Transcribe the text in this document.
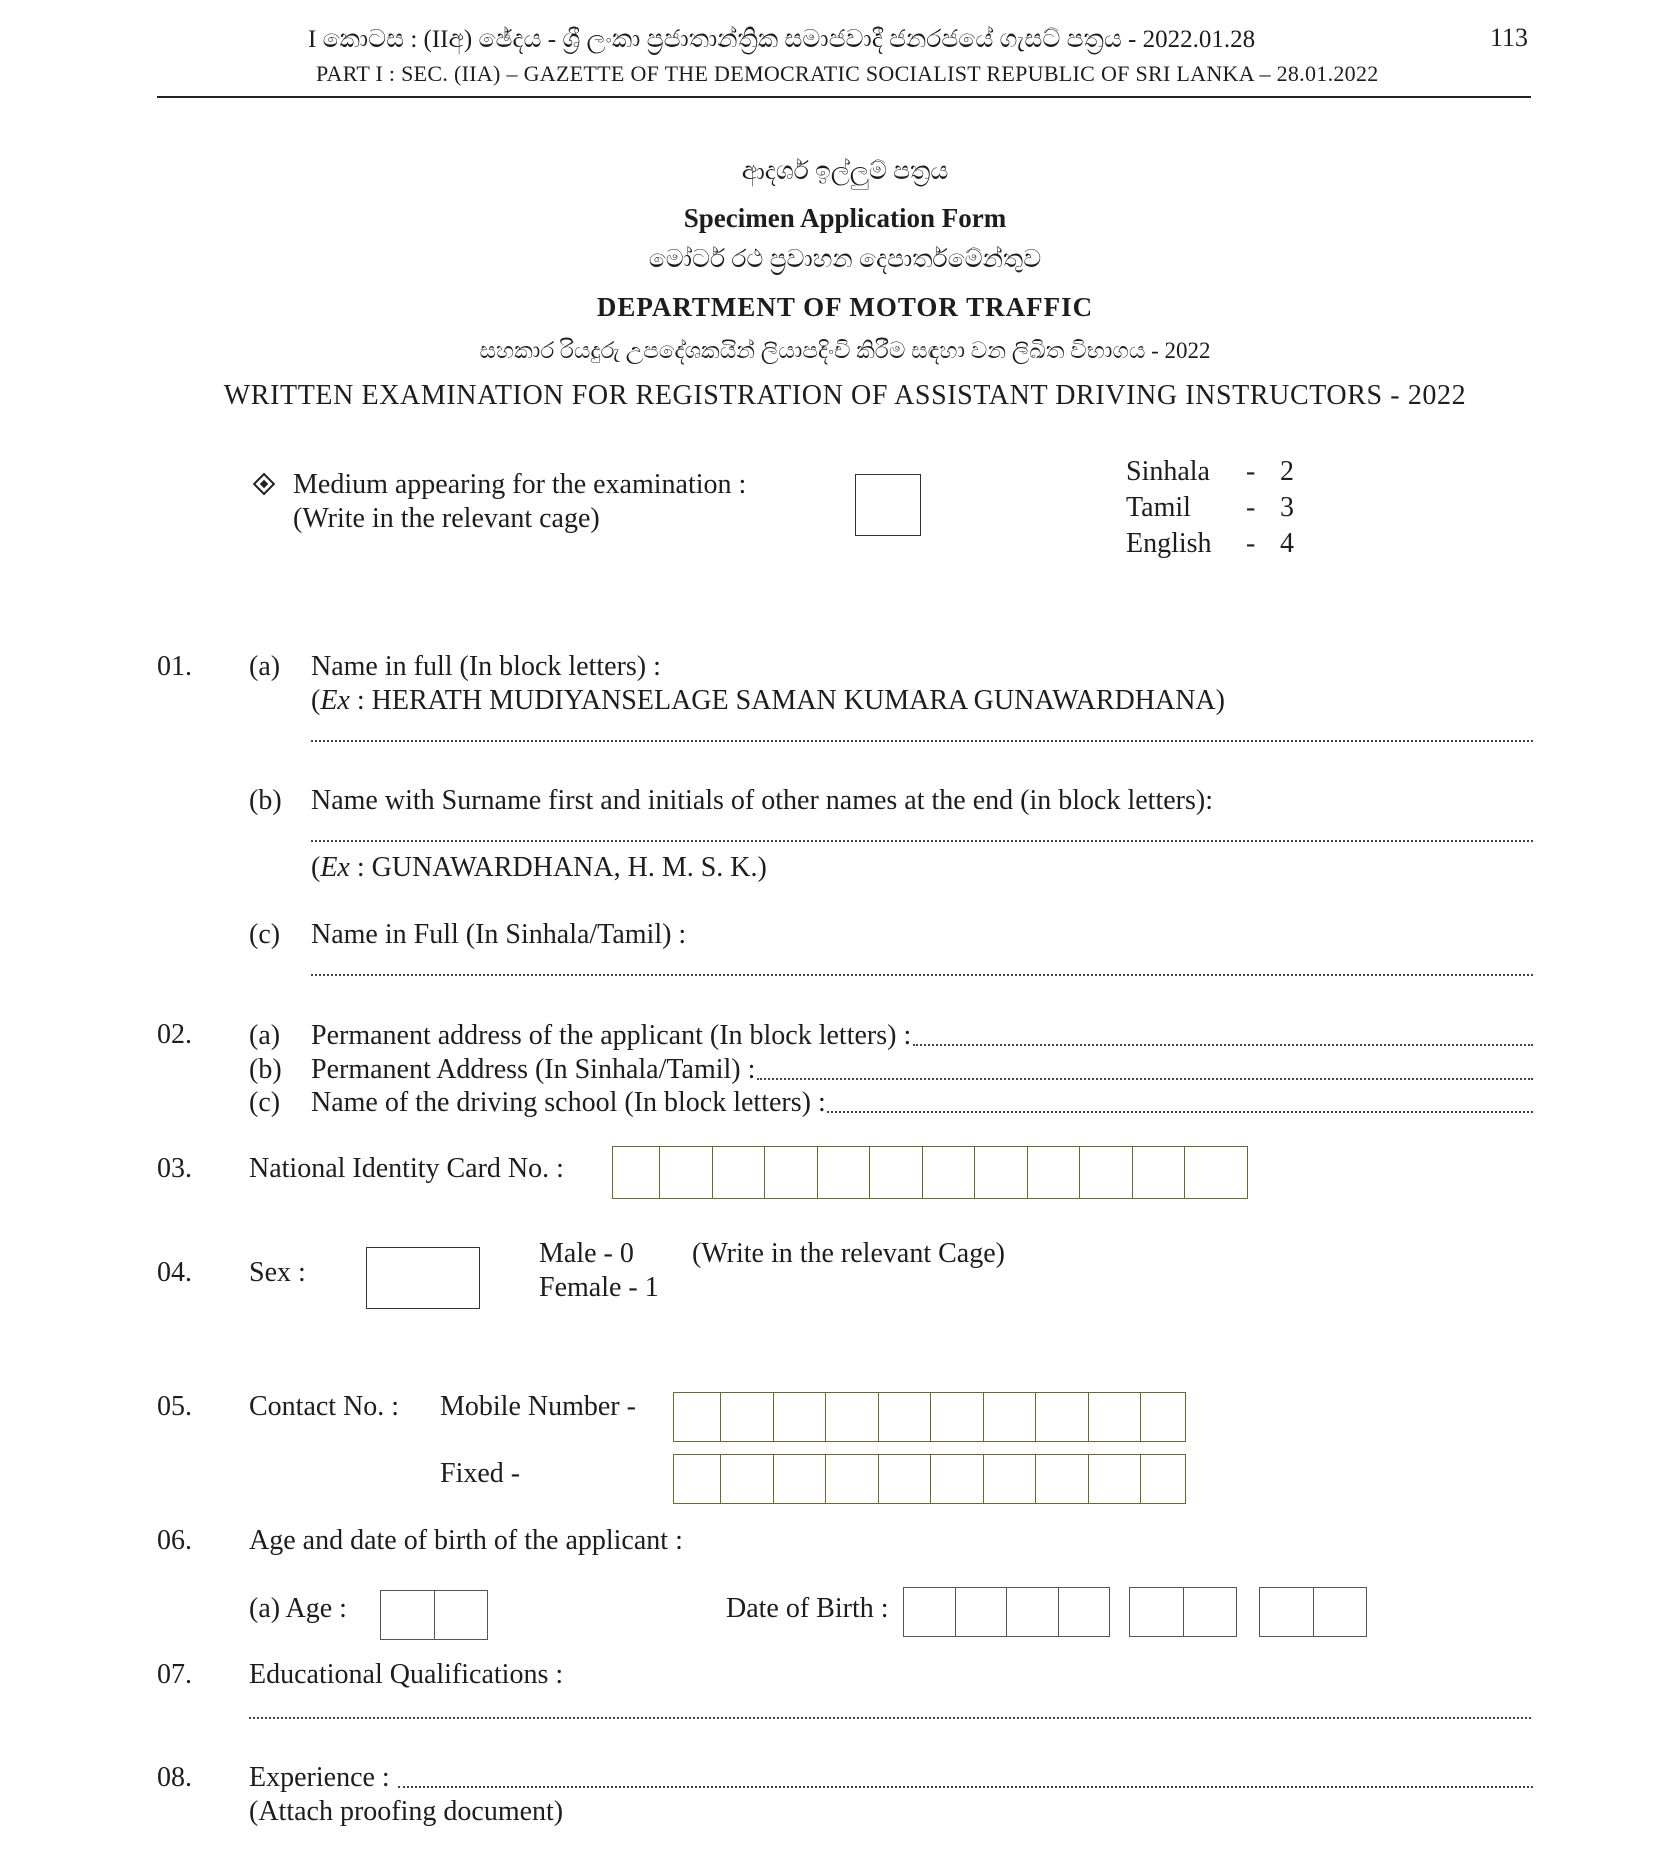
I කොටස : (IIඅ) ඡේදය - ශ්‍රී ලංකා ප්‍රජාතාන්ත්‍රික සමාජවාදී ජනරජයේ ගැසට් පත්‍රය - 2022.01.28	113
PART I : SEC. (IIA) – GAZETTE OF THE DEMOCRATIC SOCIALIST REPUBLIC OF SRI LANKA – 28.01.2022
ආදර්ශ ඉල්ලුම් පත්‍රය
Specimen Application Form
මෝටර් රථ ප්‍රවාහන දෙපාර්තමේන්තුව
DEPARTMENT OF MOTOR TRAFFIC
සහකාර රියදුරු උපදේශකයින් ලියාපදිංචි කිරීම සඳහා වන ලිඛිත විභාගය - 2022
WRITTEN EXAMINATION FOR REGISTRATION OF ASSISTANT DRIVING INSTRUCTORS - 2022
Medium appearing for the examination :
(Write in the relevant cage)
Sinhala - 2
Tamil - 3
English - 4
01. (a) Name in full (In block letters) :
(Ex : HERATH MUDIYANSELAGE SAMAN KUMARA GUNAWARDHANA)
(b) Name with Surname first and initials of other names at the end (in block letters):
(Ex : GUNAWARDHANA, H. M. S. K.)
(c) Name in Full (In Sinhala/Tamil) :
02. (a) Permanent address of the applicant (In block letters) :
(b) Permanent Address (In Sinhala/Tamil) :
(c) Name of the driving school (In block letters) :
03. National Identity Card No. :
04. Sex :
Male - 0
Female - 1
(Write in the relevant Cage)
05. Contact No. : Mobile Number -
Fixed -
06. Age and date of birth of the applicant :
(a) Age :	Date of Birth :
07. Educational Qualifications :
08. Experience :
(Attach proofing document)
